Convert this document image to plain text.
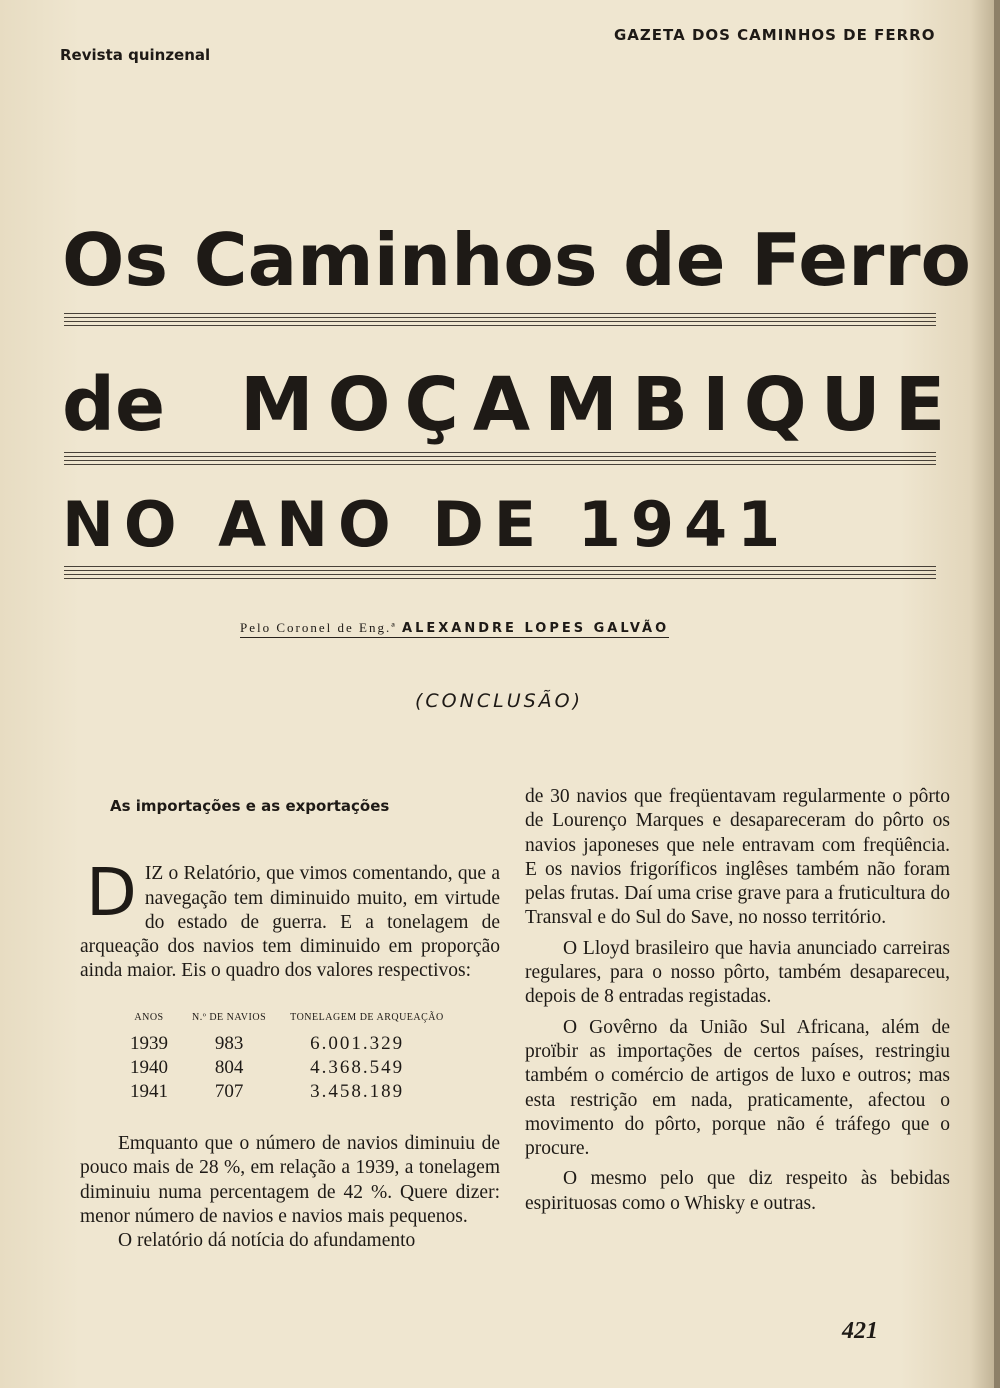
Revista quinzenal
GAZETA DOS CAMINHOS DE FERRO
Os Caminhos de Ferro
de MOÇAMBIQUE
NO ANO DE 1941
Pelo Coronel de Eng.ª ALEXANDRE LOPES GALVÃO
(CONCLUSÃO)
As importações e as exportações

DIZ o Relatório, que vimos comentando, que a navegação tem diminuido muito, em virtude do estado de guerra. E a tonelagem de arqueação dos navios tem diminuido em proporção ainda maior. Eis o quadro dos valores respectivos:

ANOS	N.º DE NAVIOS	TONELAGEM DE ARQUEAÇÃO
1939	983	6.001.329
1940	804	4.368.549
1941	707	3.458.189

Emquanto que o número de navios diminuiu de pouco mais de 28 %, em relação a 1939, a tonelagem diminuiu numa percentagem de 42 %. Quere dizer: menor número de navios e navios mais pequenos.

O relatório dá notícia do afundamento

de 30 navios que freqüentavam regularmente o pôrto de Lourenço Marques e desapareceram do pôrto os navios japoneses que nele entravam com freqüência. E os navios frigoríficos inglêses também não foram pelas frutas. Daí uma crise grave para a fruticultura do Transval e do Sul do Save, no nosso território.

O Lloyd brasileiro que havia anunciado carreiras regulares, para o nosso pôrto, também desapareceu, depois de 8 entradas registadas.

O Govêrno da União Sul Africana, além de proïbir as importações de certos países, restringiu também o comércio de artigos de luxo e outros; mas esta restrição em nada, praticamente, afectou o movimento do pôrto, porque não é tráfego que o procure.

O mesmo pelo que diz respeito às bebidas espirituosas como o Whisky e outras.

421
